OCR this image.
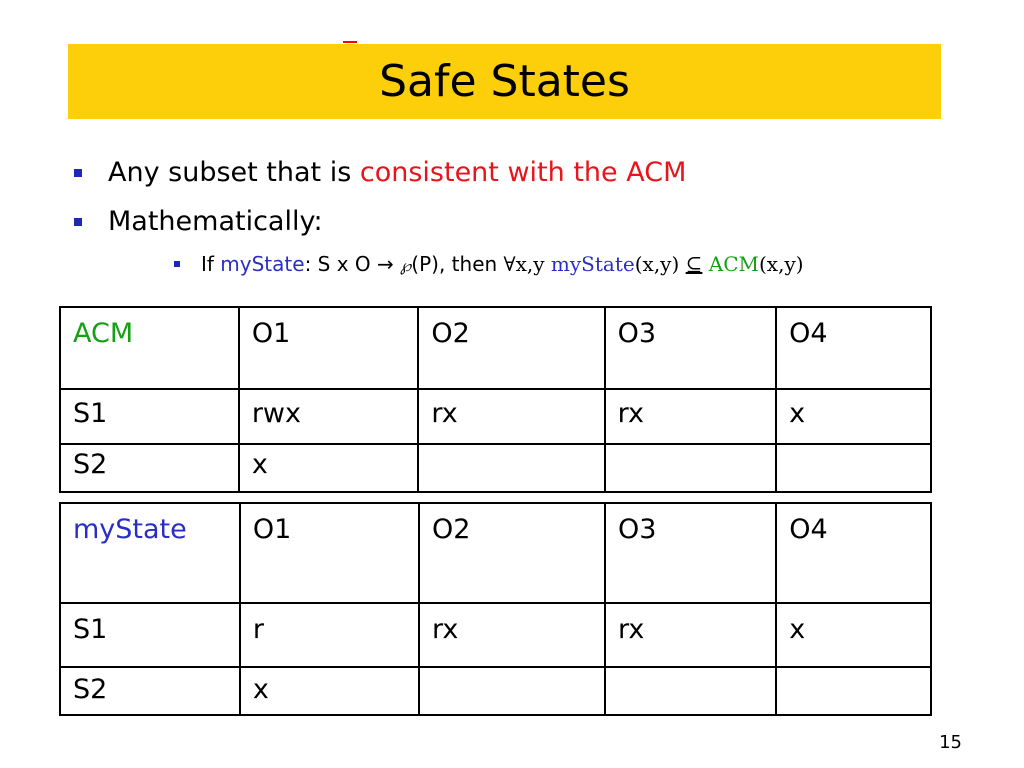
Safe States
Any subset that is consistent with the ACM
Mathematically:
If myState: S x O → ℘(P), then ∀x,y myState(x,y) ⊆ ACM(x,y)
ACM	O1	O2	O3	O4
S1	rwx	rx	rx	x
S2	x			
myState	O1	O2	O3	O4
S1	r	rx	rx	x
S2	x			
15
